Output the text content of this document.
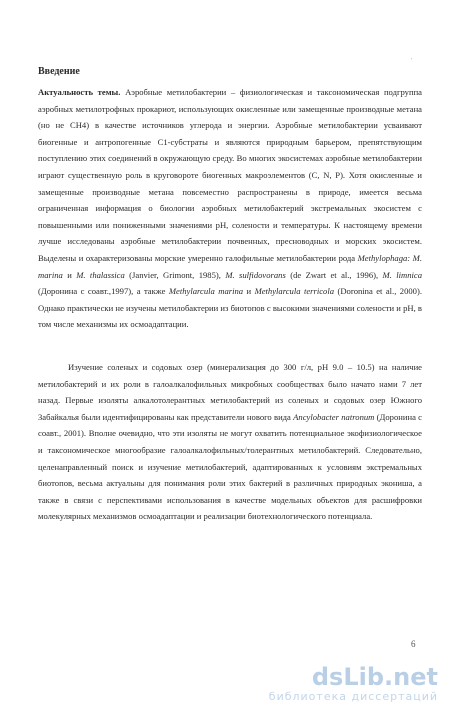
'
Введение
Актуальность темы. Аэробные метилобактерии – физиологическая и таксономическая подгруппа аэробных метилотрофных прокариот, использующих окисленные или замещенные производные метана (но не CH4) в качестве источников углерода и энергии. Аэробные метилобактерии усваивают биогенные и антропогенные C1-субстраты и являются природным барьером, препятствующим поступлению этих соединений в окружающую среду. Во многих экосистемах аэробные метилобактерии играют существенную роль в круговороте биогенных макроэлементов (C, N, P). Хотя окисленные и замещенные производные метана повсеместно распространены в природе, имеется весьма ограниченная информация о биологии аэробных метилобактерий экстремальных экосистем с повышенными или пониженными значениями pH, солености и температуры. К настоящему времени лучше исследованы аэробные метилобактерии почвенных, пресноводных и морских экосистем. Выделены и охарактеризованы морские умеренно галофильные метилобактерии рода Methylophaga: M. marina и M. thalassica (Janvier, Grimont, 1985), M. sulfidovorans (de Zwart et al., 1996), M. limnica (Доронина с соавт.,1997), а также Methylarcula marina и Methylarcula terricola (Doronina et al., 2000). Однако практически не изучены метилобактерии из биотопов с высокими значениями солености и pH, в том числе механизмы их осмоадаптации.
Изучение соленых и содовых озер (минерализация до 300 г/л, pH 9.0 – 10.5) на наличие метилобактерий и их роли в галоалкалофильных микробных сообществах было начато нами 7 лет назад. Первые изоляты алкалотолерантных метилобактерий из соленых и содовых озер Южного Забайкалья были идентифицированы как представители нового вида Ancylobacter natronum (Доронина с соавт., 2001). Вполне очевидно, что эти изоляты не могут охватить потенциальное экофизиологическое и таксономическое многообразие галоалкалофильных/толерантных метилобактерий. Следовательно, целенаправленный поиск и изучение метилобактерий, адаптированных к условиям экстремальных биотопов, весьма актуальны для понимания роли этих бактерий в различных природных экониша, а также в связи с перспективами использования в качестве модельных объектов для расшифровки молекулярных механизмов осмоадаптации и реализации биотехнологического потенциала.
6
dsLib.net
библиотека диссертаций
